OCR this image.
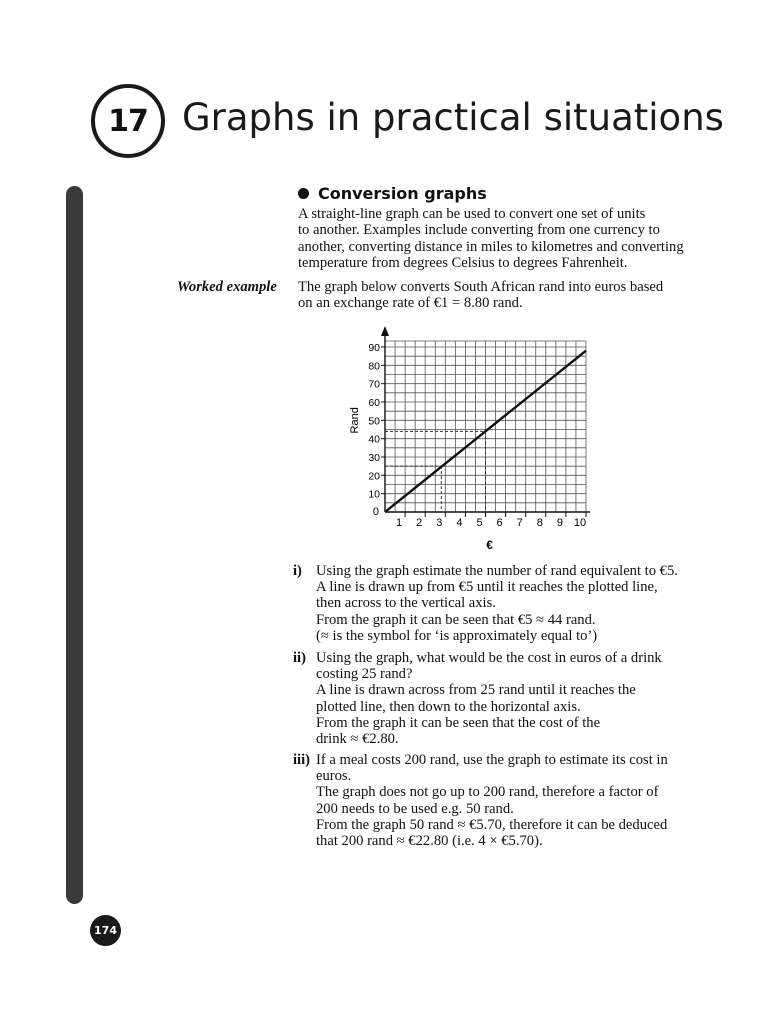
17 Graphs in practical situations
Conversion graphs
A straight-line graph can be used to convert one set of units
to another. Examples include converting from one currency to
another, converting distance in miles to kilometres and converting
temperature from degrees Celsius to degrees Fahrenheit.
Worked example The graph below converts South African rand into euros based
on an exchange rate of €1 = 8.80 rand.
1 2 3 4 5 6 7 8 9 10
10
20
30
40
50
60
70
80
90
0
€
Rand
i) Using the graph estimate the number of rand equivalent to €5.
A line is drawn up from €5 until it reaches the plotted line,
then across to the vertical axis.
From the graph it can be seen that €5 ≈ 44 rand.
(≈ is the symbol for ‘is approximately equal to’)
ii) Using the graph, what would be the cost in euros of a drink
costing 25 rand?
A line is drawn across from 25 rand until it reaches the
plotted line, then down to the horizontal axis.
From the graph it can be seen that the cost of the
drink ≈ €2.80.
iii) If a meal costs 200 rand, use the graph to estimate its cost in
euros.
The graph does not go up to 200 rand, therefore a factor of
200 needs to be used e.g. 50 rand.
From the graph 50 rand ≈ €5.70, therefore it can be deduced
that 200 rand ≈ €22.80 (i.e. 4 × €5.70).
174
